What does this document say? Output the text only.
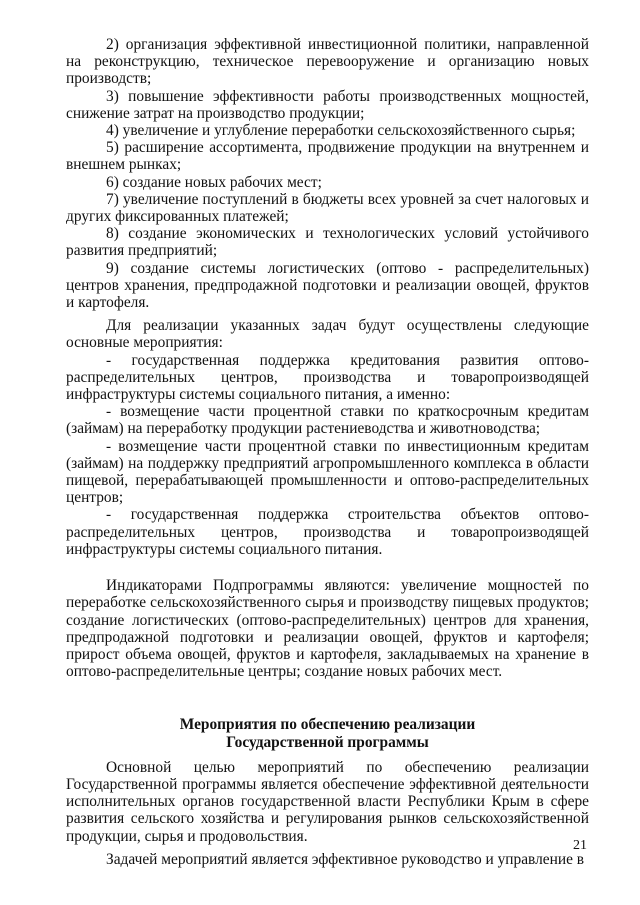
2) организация эффективной инвестиционной политики, направленной на реконструкцию, техническое перевооружение и организацию новых производств;

3) повышение эффективности работы производственных мощностей, снижение затрат на производство продукции;

4) увеличение и углубление переработки сельскохозяйственного сырья;

5) расширение ассортимента, продвижение продукции на внутреннем и внешнем рынках;

6) создание новых рабочих мест;

7) увеличение поступлений в бюджеты всех уровней за счет налоговых и других фиксированных платежей;

8) создание экономических и технологических условий устойчивого развития предприятий;

9) создание системы логистических (оптово - распределительных) центров хранения, предпродажной подготовки и реализации овощей, фруктов и картофеля.

Для реализации указанных задач будут осуществлены следующие основные мероприятия:

- государственная поддержка кредитования развития оптово-распределительных центров, производства и товаропроизводящей инфраструктуры системы социального питания, а именно:

- возмещение части процентной ставки по краткосрочным кредитам (займам) на переработку продукции растениеводства и животноводства;

- возмещение части процентной ставки по инвестиционным кредитам (займам) на поддержку предприятий агропромышленного комплекса в области пищевой, перерабатывающей промышленности и оптово-распределительных центров;

- государственная поддержка строительства объектов оптово-распределительных центров, производства и товаропроизводящей инфраструктуры системы социального питания.

Индикаторами Подпрограммы являются: увеличение мощностей по переработке сельскохозяйственного сырья и производству пищевых продуктов; создание логистических (оптово-распределительных) центров для хранения, предпродажной подготовки и реализации овощей, фруктов и картофеля; прирост объема овощей, фруктов и картофеля, закладываемых на хранение в оптово-распределительные центры; создание новых рабочих мест.

Мероприятия по обеспечению реализации
Государственной программы

Основной целью мероприятий по обеспечению реализации Государственной программы является обеспечение эффективной деятельности исполнительных органов государственной власти Республики Крым в сфере развития сельского хозяйства и регулирования рынков сельскохозяйственной продукции, сырья и продовольствия.

Задачей мероприятий является эффективное руководство и управление в

21
